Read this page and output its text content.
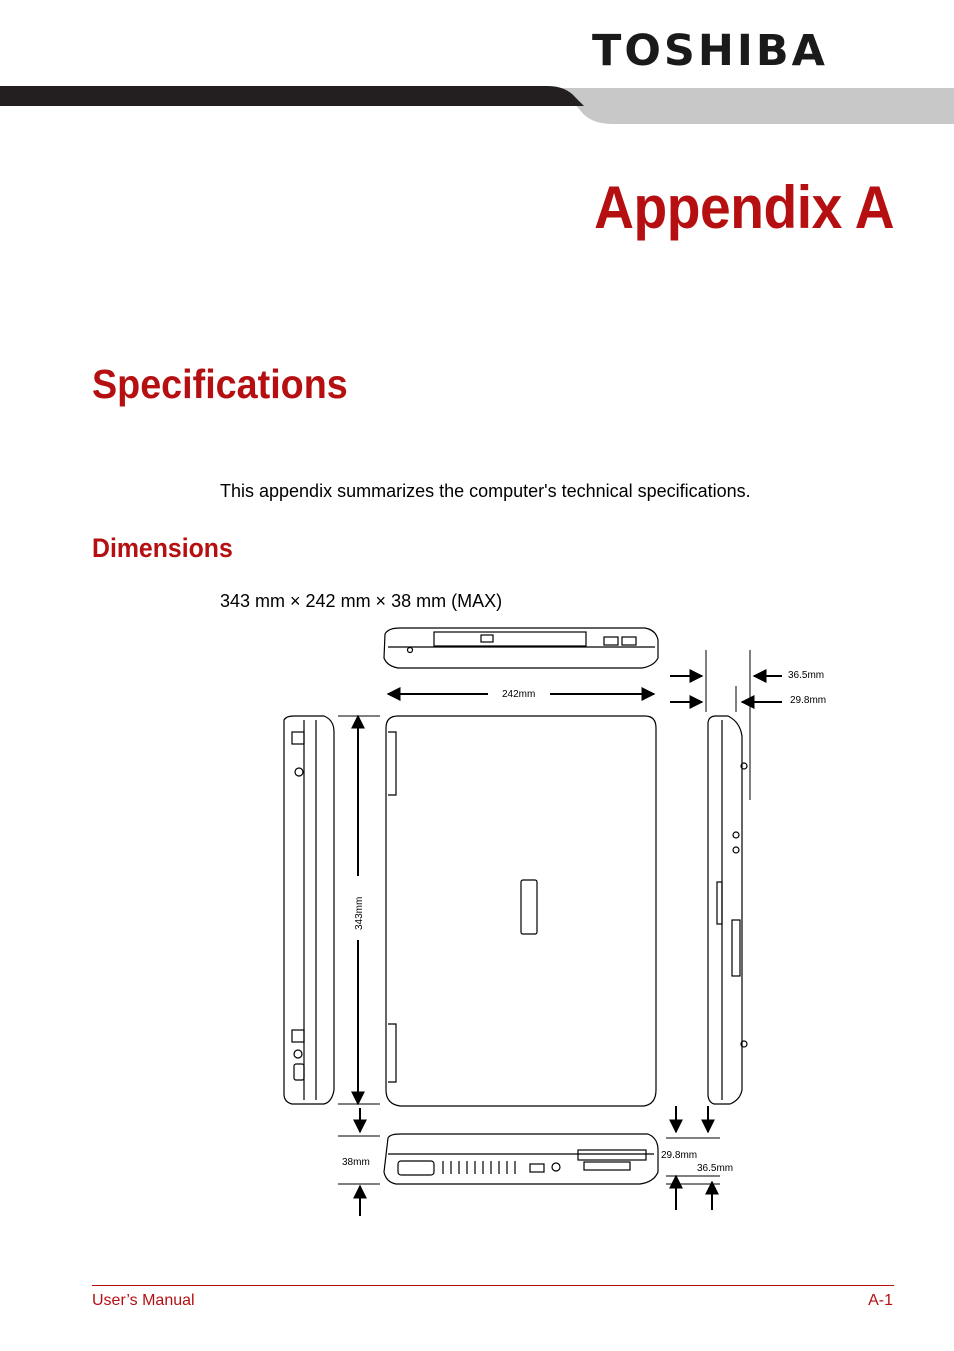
TOSHIBA
Appendix A
Specifications
This appendix summarizes the computer's technical specifications.
Dimensions
343 mm × 242 mm × 38 mm (MAX)
242mm
343mm
38mm
36.5mm
29.8mm
29.8mm
36.5mm
User’s Manual	A-1
